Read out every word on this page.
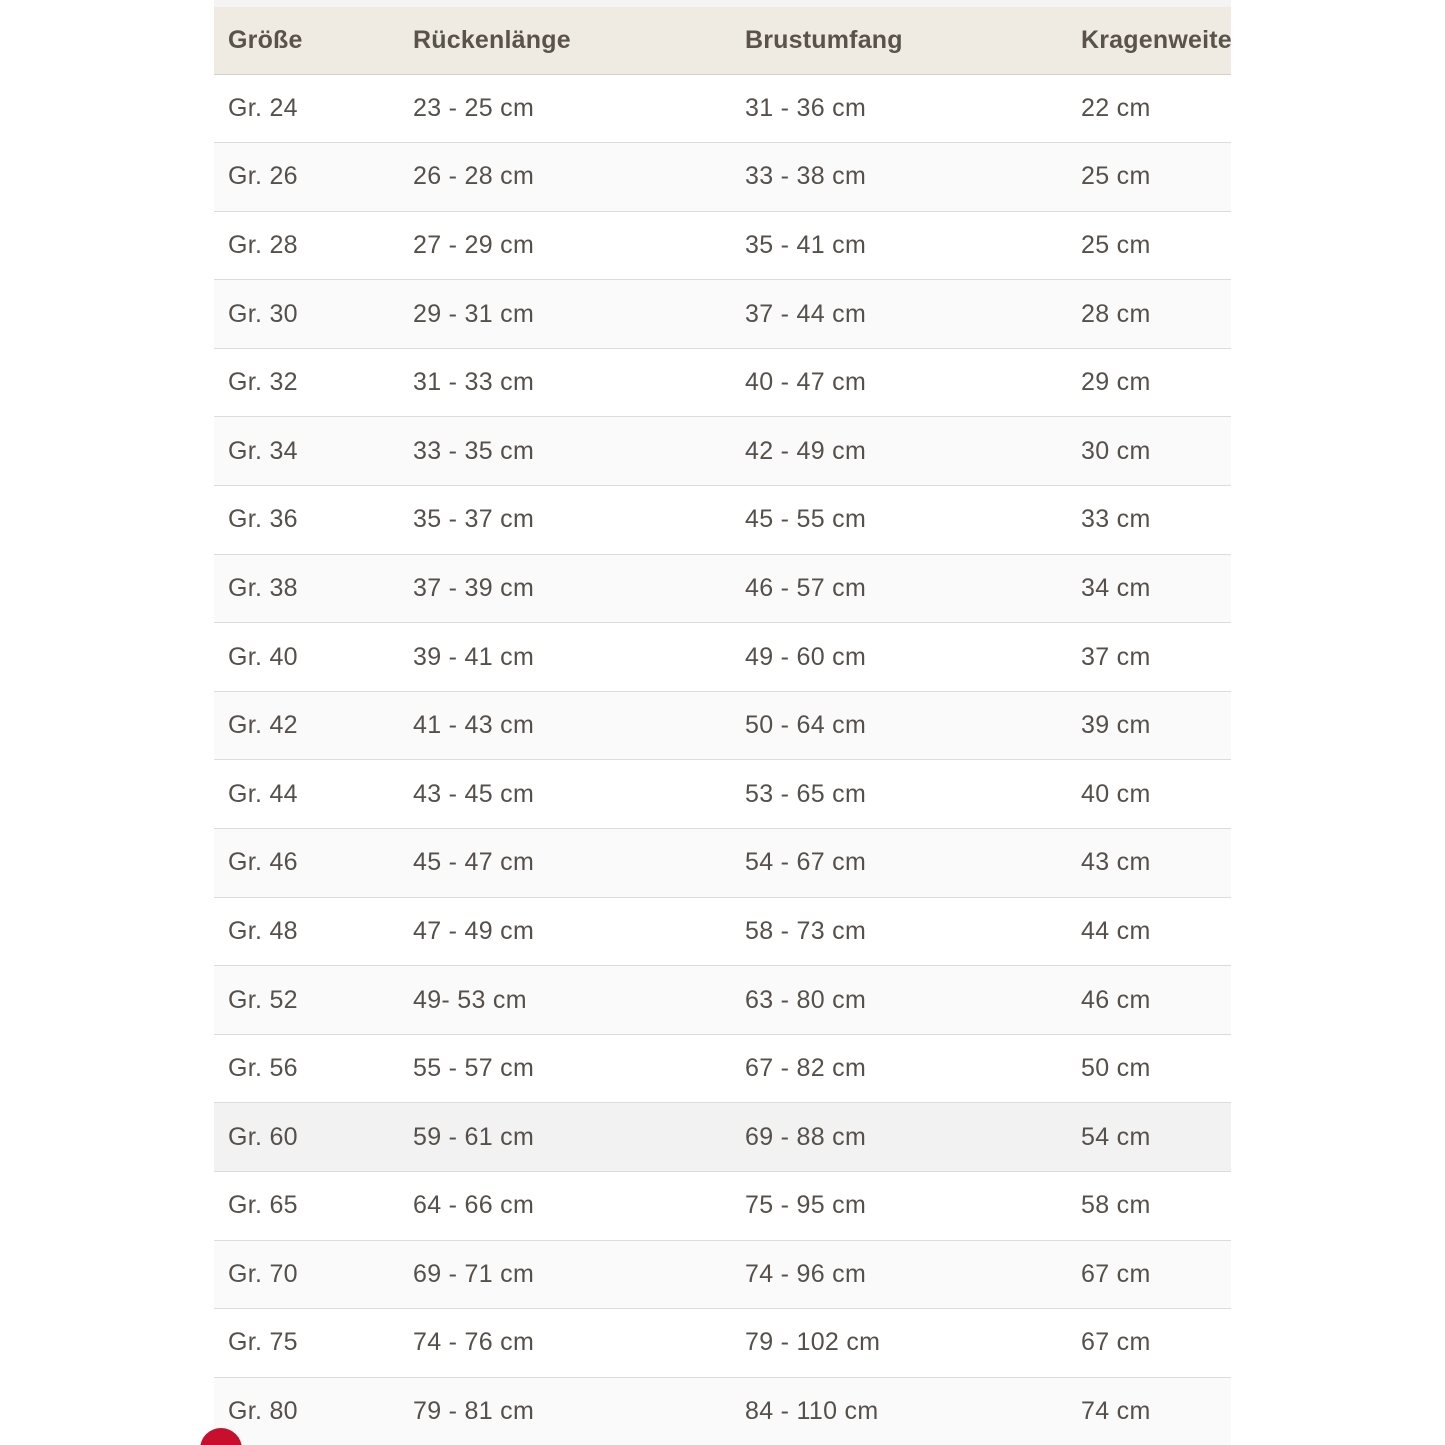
Größe	Rückenlänge	Brustumfang	Kragenweite
Gr. 24	23 - 25 cm	31 - 36 cm	22 cm
Gr. 26	26 - 28 cm	33 - 38 cm	25 cm
Gr. 28	27 - 29 cm	35 - 41 cm	25 cm
Gr. 30	29 - 31 cm	37 - 44 cm	28 cm
Gr. 32	31 - 33 cm	40 - 47 cm	29 cm
Gr. 34	33 - 35 cm	42 - 49 cm	30 cm
Gr. 36	35 - 37 cm	45 - 55 cm	33 cm
Gr. 38	37 - 39 cm	46 - 57 cm	34 cm
Gr. 40	39 - 41 cm	49 - 60 cm	37 cm
Gr. 42	41 - 43 cm	50 - 64 cm	39 cm
Gr. 44	43 - 45 cm	53 - 65 cm	40 cm
Gr. 46	45 - 47 cm	54 - 67 cm	43 cm
Gr. 48	47 - 49 cm	58 - 73 cm	44 cm
Gr. 52	49- 53 cm	63 - 80 cm	46 cm
Gr. 56	55 - 57 cm	67 - 82 cm	50 cm
Gr. 60	59 - 61 cm	69 - 88 cm	54 cm
Gr. 65	64 - 66 cm	75 - 95 cm	58 cm
Gr. 70	69 - 71 cm	74 - 96 cm	67 cm
Gr. 75	74 - 76 cm	79 - 102 cm	67 cm
Gr. 80	79 - 81 cm	84 - 110 cm	74 cm
